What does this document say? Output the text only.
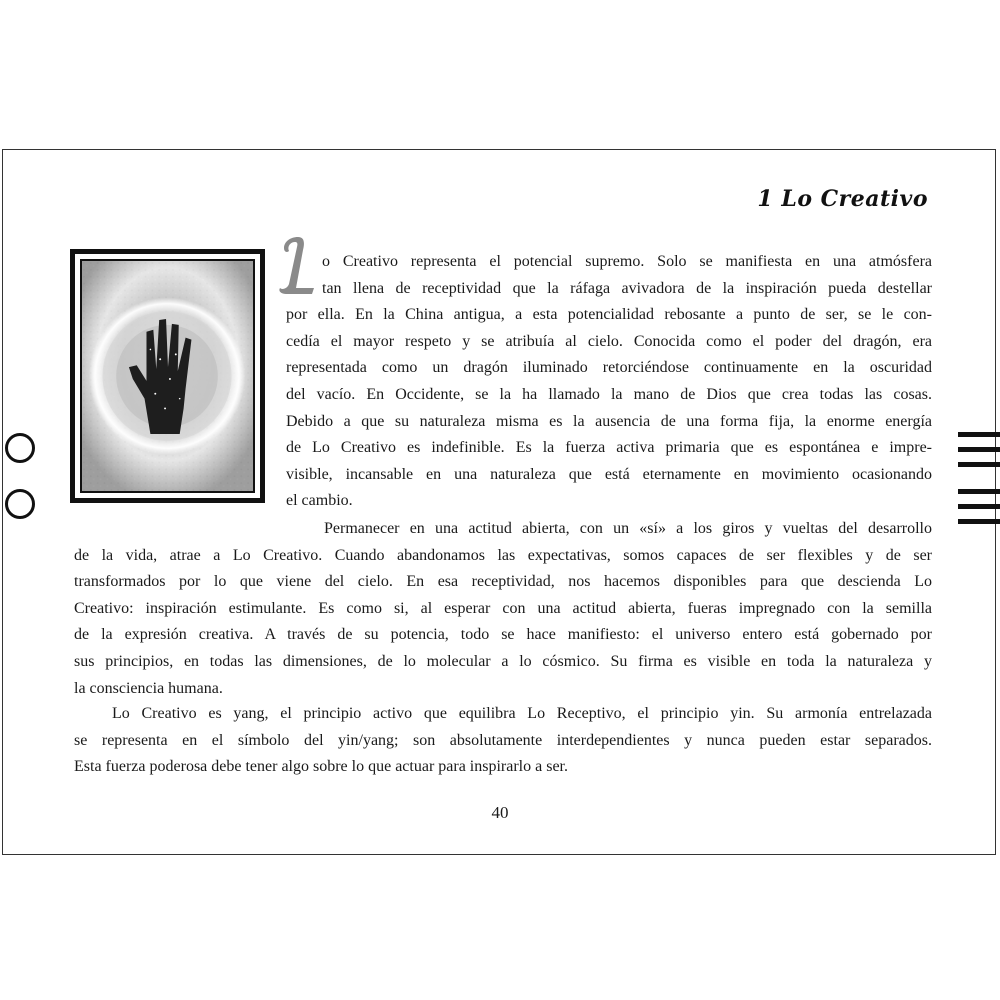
1 Lo Creativo
o Creativo representa el potencial supremo. Solo se manifiesta en una atmósfera
tan llena de receptividad que la ráfaga avivadora de la inspiración pueda destellar
por ella. En la China antigua, a esta potencialidad rebosante a punto de ser, se le con-
cedía el mayor respeto y se atribuía al cielo. Conocida como el poder del dragón, era
representada como un dragón iluminado retorciéndose continuamente en la oscuridad
del vacío. En Occidente, se la ha llamado la mano de Dios que crea todas las cosas.
Debido a que su naturaleza misma es la ausencia de una forma fija, la enorme energía
de Lo Creativo es indefinible. Es la fuerza activa primaria que es espontánea e impre-
visible, incansable en una naturaleza que está eternamente en movimiento ocasionando
el cambio.
Permanecer en una actitud abierta, con un «sí» a los giros y vueltas del desarrollo
de la vida, atrae a Lo Creativo. Cuando abandonamos las expectativas, somos capaces de ser flexibles y de ser
transformados por lo que viene del cielo. En esa receptividad, nos hacemos disponibles para que descienda Lo
Creativo: inspiración estimulante. Es como si, al esperar con una actitud abierta, fueras impregnado con la semilla
de la expresión creativa. A través de su potencia, todo se hace manifiesto: el universo entero está gobernado por
sus principios, en todas las dimensiones, de lo molecular a lo cósmico. Su firma es visible en toda la naturaleza y
la consciencia humana.
Lo Creativo es yang, el principio activo que equilibra Lo Receptivo, el principio yin. Su armonía entrelazada
se representa en el símbolo del yin/yang; son absolutamente interdependientes y nunca pueden estar separados.
Esta fuerza poderosa debe tener algo sobre lo que actuar para inspirarlo a ser.
40
